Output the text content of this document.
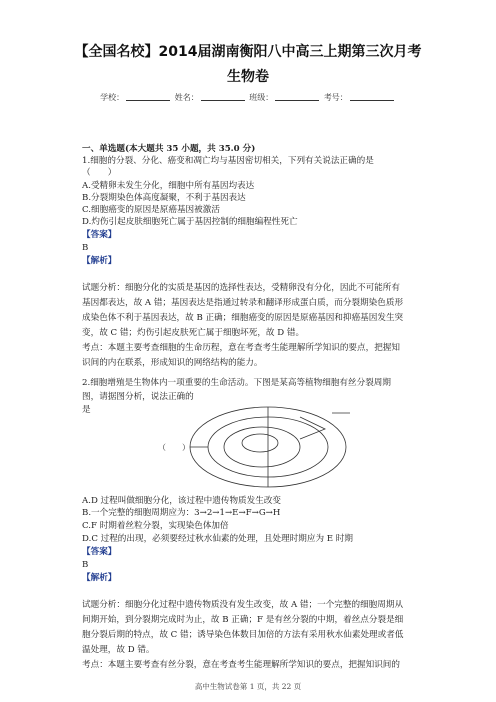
【全国名校】2014届湖南衡阳八中高三上期第三次月考
生物卷
学校：	姓名：	班级：	考号：
一、单选题(本大题共 35 小题，共 35.0 分)
1.细胞的分裂、分化、癌变和凋亡均与基因密切相关，下列有关说法正确的是
（　　）
A.受精卵未发生分化，细胞中所有基因均表达
B.分裂期染色体高度凝聚，不利于基因表达
C.细胞癌变的原因是原癌基因被激活
D.灼伤引起皮肤细胞死亡属于基因控制的细胞编程性死亡
【答案】
B
【解析】
试题分析：细胞分化的实质是基因的选择性表达，受精卵没有分化，因此不可能所有
基因都表达，故 A 错；基因表达是指通过转录和翻译形成蛋白质，而分裂期染色质形
成染色体不利于基因表达，故 B 正确；细胞癌变的原因是原癌基因和抑癌基因发生突
变，故 C 错；灼伤引起皮肤死亡属于细胞坏死，故 D 错。
考点：本题主要考查细胞的生命历程，意在考查考生能理解所学知识的要点，把握知
识间的内在联系，形成知识的网络结构的能力。
2.细胞增殖是生物体内一项重要的生命活动。下图是某高等植物细胞有丝分裂周期
图，请据图分析，说法正确的
是
（　　）
A.D 过程叫做细胞分化，该过程中遗传物质发生改变
B.一个完整的细胞周期应为：3→2→1→E→F→G→H
C.F 时期着丝粒分裂，实现染色体加倍
D.C 过程的出现，必须要经过秋水仙素的处理，且处理时期应为 E 时期
【答案】
B
【解析】
试题分析：细胞分化过程中遗传物质没有发生改变，故 A 错；一个完整的细胞周期从
间期开始，到分裂期完成时为止，故 B 正确；F 是有丝分裂的中期，着丝点分裂是细
胞分裂后期的特点，故 C 错；诱导染色体数目加倍的方法有采用秋水仙素处理或者低
温处理，故 D 错。
考点：本题主要考查有丝分裂，意在考查考生能理解所学知识的要点，把握知识间的
高中生物试卷第 1 页，共 22 页
